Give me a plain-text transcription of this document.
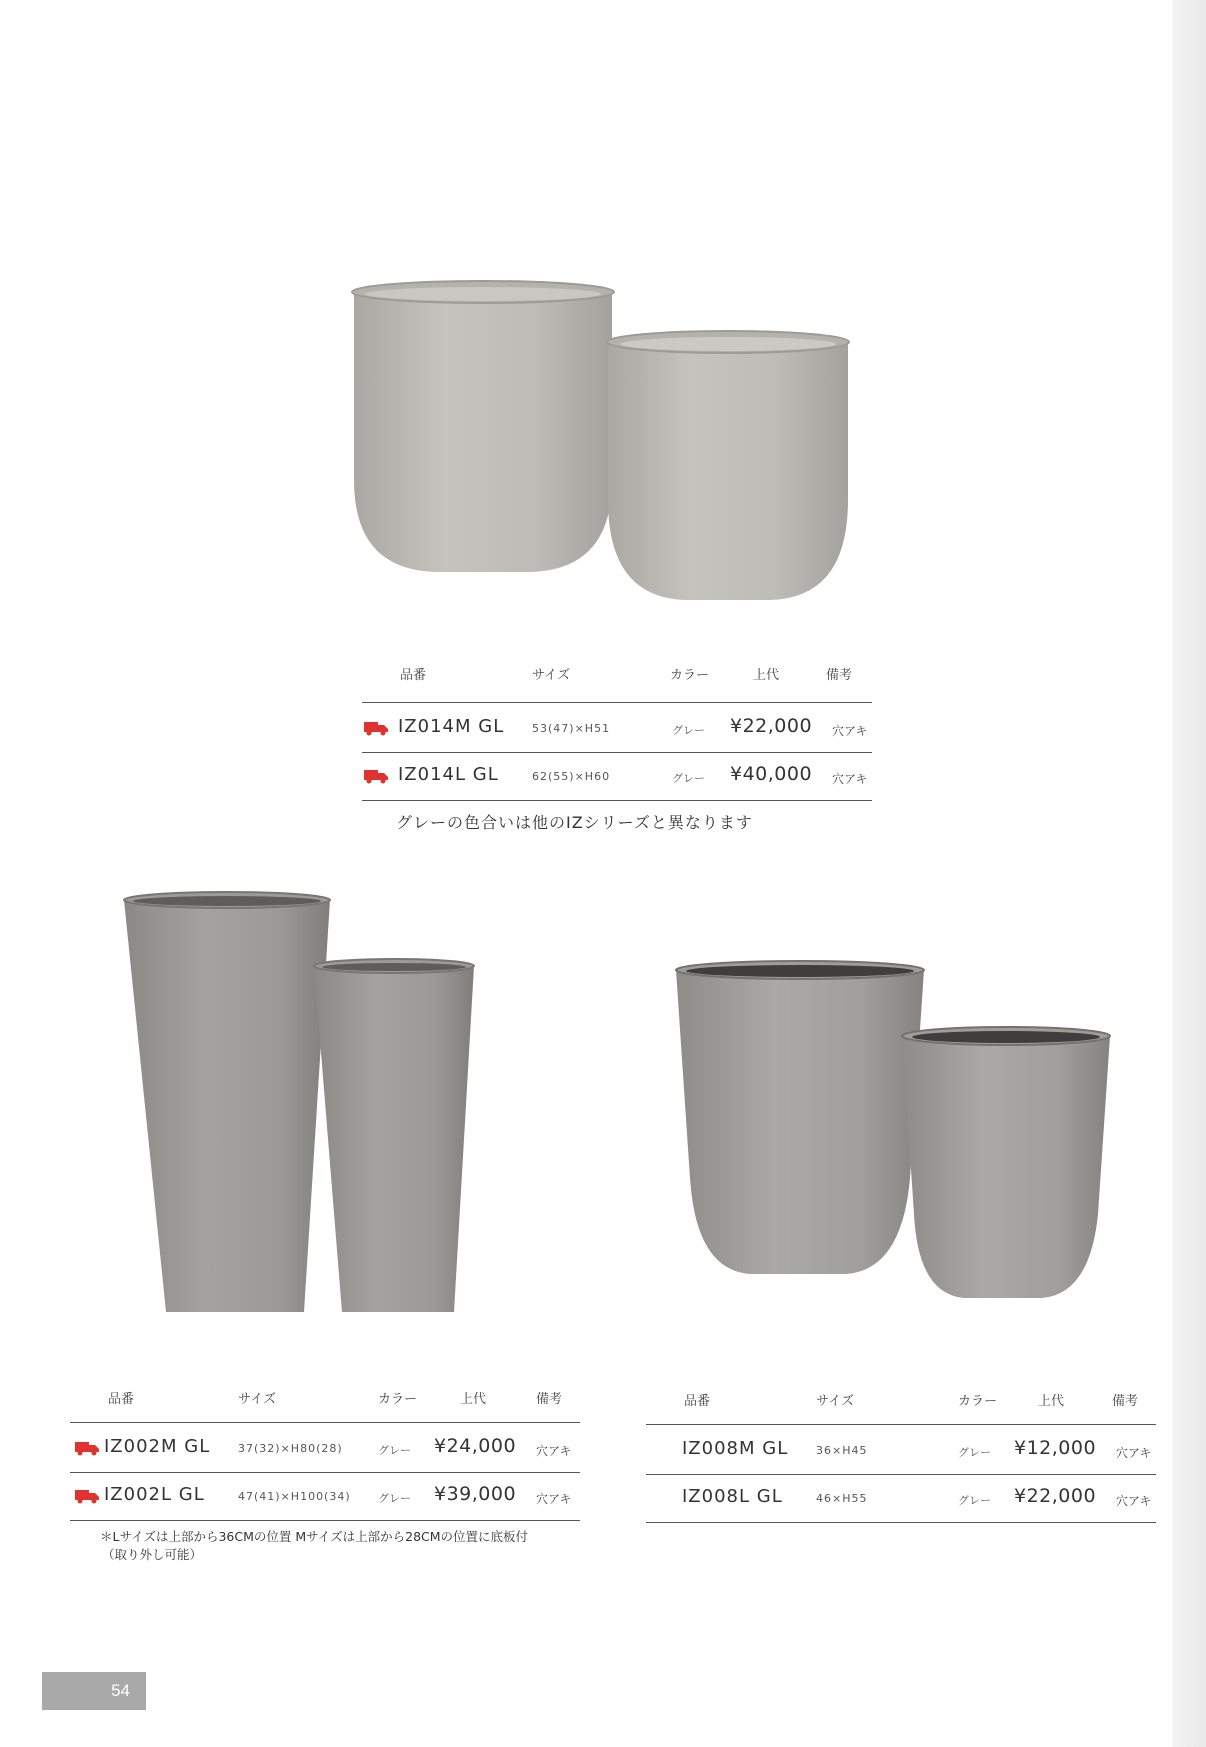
品番	サイズ	カラー	上代	備考
IZ014M GL	53(47)×H51	グレー ¥22,000 穴アキ
IZ014L GL	62(55)×H60	グレー ¥40,000 穴アキ
グレーの色合いは他のIZシリーズと異なります
品番	サイズ	カラー	上代	備考
IZ002M GL	37(32)×H80(28)	グレー ¥24,000 穴アキ
IZ002L GL	47(41)×H100(34) グレー ¥39,000 穴アキ
＊Lサイズは上部から36CMの位置 Mサイズは上部から28CMの位置に底板付
（取り外し可能）
品番	サイズ	カラー	上代	備考
IZ008M GL	36×H45	グレー ¥12,000 穴アキ
IZ008L GL	46×H55	グレー ¥22,000 穴アキ
54
